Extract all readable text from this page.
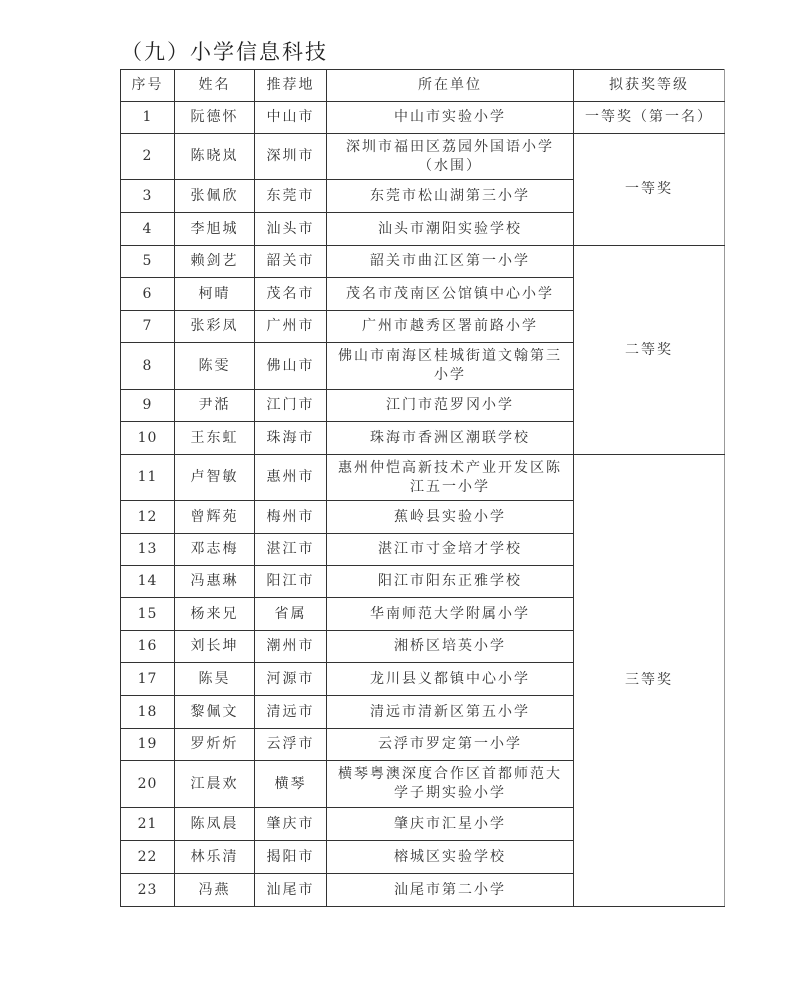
（九）小学信息科技
序号	姓名	推荐地	所在单位	拟获奖等级
1	阮德怀	中山市	中山市实验小学	一等奖（第一名）
2	陈晓岚	深圳市	深圳市福田区荔园外国语小学（水围）	一等奖
3	张佩欣	东莞市	东莞市松山湖第三小学	
4	李旭城	汕头市	汕头市潮阳实验学校	
5	赖剑艺	韶关市	韶关市曲江区第一小学	二等奖
6	柯晴	茂名市	茂名市茂南区公馆镇中心小学	
7	张彩凤	广州市	广州市越秀区署前路小学	
8	陈雯	佛山市	佛山市南海区桂城街道文翰第三小学	
9	尹湉	江门市	江门市范罗冈小学	
10	王东虹	珠海市	珠海市香洲区潮联学校	
11	卢智敏	惠州市	惠州仲恺高新技术产业开发区陈江五一小学	三等奖
12	曾辉苑	梅州市	蕉岭县实验小学	
13	邓志梅	湛江市	湛江市寸金培才学校	
14	冯惠琳	阳江市	阳江市阳东正雅学校	
15	杨来兄	省属	华南师范大学附属小学	
16	刘长坤	潮州市	湘桥区培英小学	
17	陈昊	河源市	龙川县义都镇中心小学	
18	黎佩文	清远市	清远市清新区第五小学	
19	罗炘炘	云浮市	云浮市罗定第一小学	
20	江晨欢	横琴	横琴粤澳深度合作区首都师范大学子期实验小学	
21	陈凤晨	肇庆市	肇庆市汇星小学	
22	林乐清	揭阳市	榕城区实验学校	
23	冯燕	汕尾市	汕尾市第二小学	
